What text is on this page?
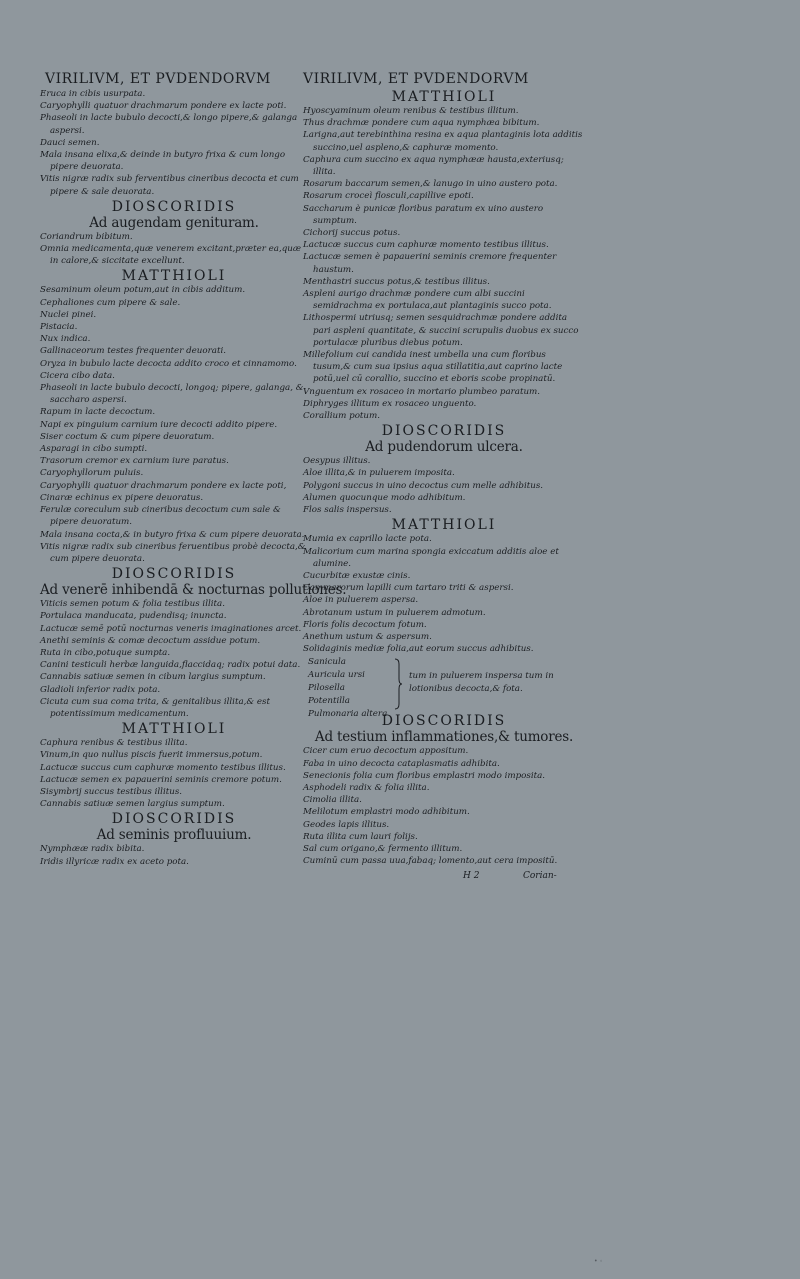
VIRILIVM, ET PVDENDORVM
Eruca in cibis usurpata.
Caryophylli quatuor drachmarum pondere ex lacte poti.
Phaseoli in lacte bubulo decocti,& longo pipere,& galanga aspersi.
Dauci semen.
Mala insana elixa,& deinde in butyro frixa & cum longo pipere deuorata.
Vitis nigræ radix sub ferventibus cineribus decocta et cum pipere & sale deuorata.
DIOSCORIDIS
Ad augendam genituram.
Coriandrum bibitum.
Omnia medicamenta,quæ venerem excitant,præter ea,quæ in calore,& siccitate excellunt.
MATTHIOLI
Sesaminum oleum potum,aut in cibis additum.
Cephaliones cum pipere & sale.
Nuclei pinei.
Pistacia.
Nux indica.
Gallinaceorum testes frequenter deuorati.
Oryza in bubulo lacte decocta addito croco et cinnamomo.
Cicera cibo data.
Phaseoli in lacte bubulo decocti, longoq; pipere, galanga, & saccharo aspersi.
Rapum in lacte decoctum.
Napi ex pinguium carnium iure decocti addito pipere.
Siser coctum & cum pipere deuoratum.
Asparagi in cibo sumpti.
Trasorum cremor ex carnium iure paratus.
Caryophyllorum puluis.
Caryophylli quatuor drachmarum pondere ex lacte poti,
Cinaræ echinus ex pipere deuoratus.
Ferulæ coreculum sub cineribus decoctum cum sale & pipere deuoratum.
Mala insana cocta,& in butyro frixa & cum pipere deuorata.
Vitis nigræ radix sub cineribus feruentibus probè decocta,& cum pipere deuorata.
DIOSCORIDIS
Ad venerē inhibendā & nocturnas pollutiones.
Viticis semen potum & folia testibus illita.
Portulaca manducata, pudendisq; inuncta.
Lactucæ semē potū nocturnas veneris imaginationes arcet.
Anethi seminis & comæ decoctum assidue potum.
Ruta in cibo,potuque sumpta.
Canini testiculi herbæ languida,flaccidaq; radix potui data.
Cannabis satiuæ semen in cibum largius sumptum.
Gladioli inferior radix pota.
Cicuta cum sua coma trita, & genitalibus illita,& est potentissimum medicamentum.
MATTHIOLI
Caphura renibus & testibus illita.
Vinum,in quo nullus piscis fuerit immersus,potum.
Lactucæ succus cum caphuræ momento testibus illitus.
Lactucæ semen ex papauerini seminis cremore potum.
Sisymbrij succus testibus illitus.
Cannabis satiuæ semen largius sumptum.
DIOSCORIDIS
Ad seminis profluuium.
Nymphææ radix bibita.
Iridis illyricæ radix ex aceto pota.
VIRILIVM, ET PVDENDORVM
MATTHIOLI
Hyoscyaminum oleum renibus & testibus illitum.
Thus drachmæ pondere cum aqua nymphæa bibitum.
Larigna,aut terebinthina resina ex aqua plantaginis lota additis succino,uel aspleno,& caphuræ momento.
Caphura cum succino ex aqua nymphææ hausta,exteriusq; illita.
Rosarum baccarum semen,& lanugo in uino austero pota.
Rosarum croceì flosculi,capillive epoti.
Saccharum è punicæ floribus paratum ex uino austero sumptum.
Cichorij succus potus.
Lactucæ succus cum caphuræ momento testibus illitus.
Lactucæ semen è papauerini seminis cremore frequenter haustum.
Menthastri succus potus,& testibus illitus.
Aspleni aurigo drachmæ pondere cum albi succini semidrachma ex portulaca,aut plantaginis succo pota.
Lithospermi utriusq; semen sesquidrachmæ pondere addita pari aspleni quantitate, & succini scrupulis duobus ex succo portulacæ pluribus diebus potum.
Millefolium cui candida inest umbella una cum floribus tusum,& cum sua ipsius aqua stillatitia,aut caprino lacte potū,uel cū corallio, succino et eboris scobe propinatū.
Vnguentum ex rosaceo in mortario plumbeo paratum.
Diphryges illitum ex rosaceo unguento.
Corallium potum.
DIOSCORIDIS
Ad pudendorum ulcera.
Oesypus illitus.
Aloe illita,& in puluerem imposita.
Polygoni succus in uino decoctus cum melle adhibitus.
Alumen quocunque modo adhibitum.
Flos salis inspersus.
MATTHIOLI
Mumia ex caprillo lacte pota.
Malicorium cum marina spongia exiccatum additis aloe et alumine.
Cucurbitæ exustæ cinis.
Cammarorum lapilli cum tartaro triti & aspersi.
Aloe in puluerem aspersa.
Abrotanum ustum in puluerem admotum.
Floris folis decoctum fotum.
Anethum ustum & aspersum.
Solidaginis mediæ folia,aut eorum succus adhibitus.
Sanicula
Auricula ursi
Pilosella
Potentilla
Pulmonaria altera
tum in puluerem inspersa tum in lotionibus decocta,& fota.
DIOSCORIDIS
Ad testium inflammationes,& tumores.
Cicer cum eruo decoctum appositum.
Faba in uino decocta cataplasmatis adhibita.
Senecionis folia cum floribus emplastri modo imposita.
Asphodeli radix & folia illita.
Cimolia illita.
Melilotum emplastri modo adhibitum.
Geodes lapis illitus.
Ruta illita cum lauri folijs.
Sal cum origano,& fermento illitum.
Cuminū cum passa uua,fabaq; lomento,aut cera impositū.
H 2	Corian-
• ◦
